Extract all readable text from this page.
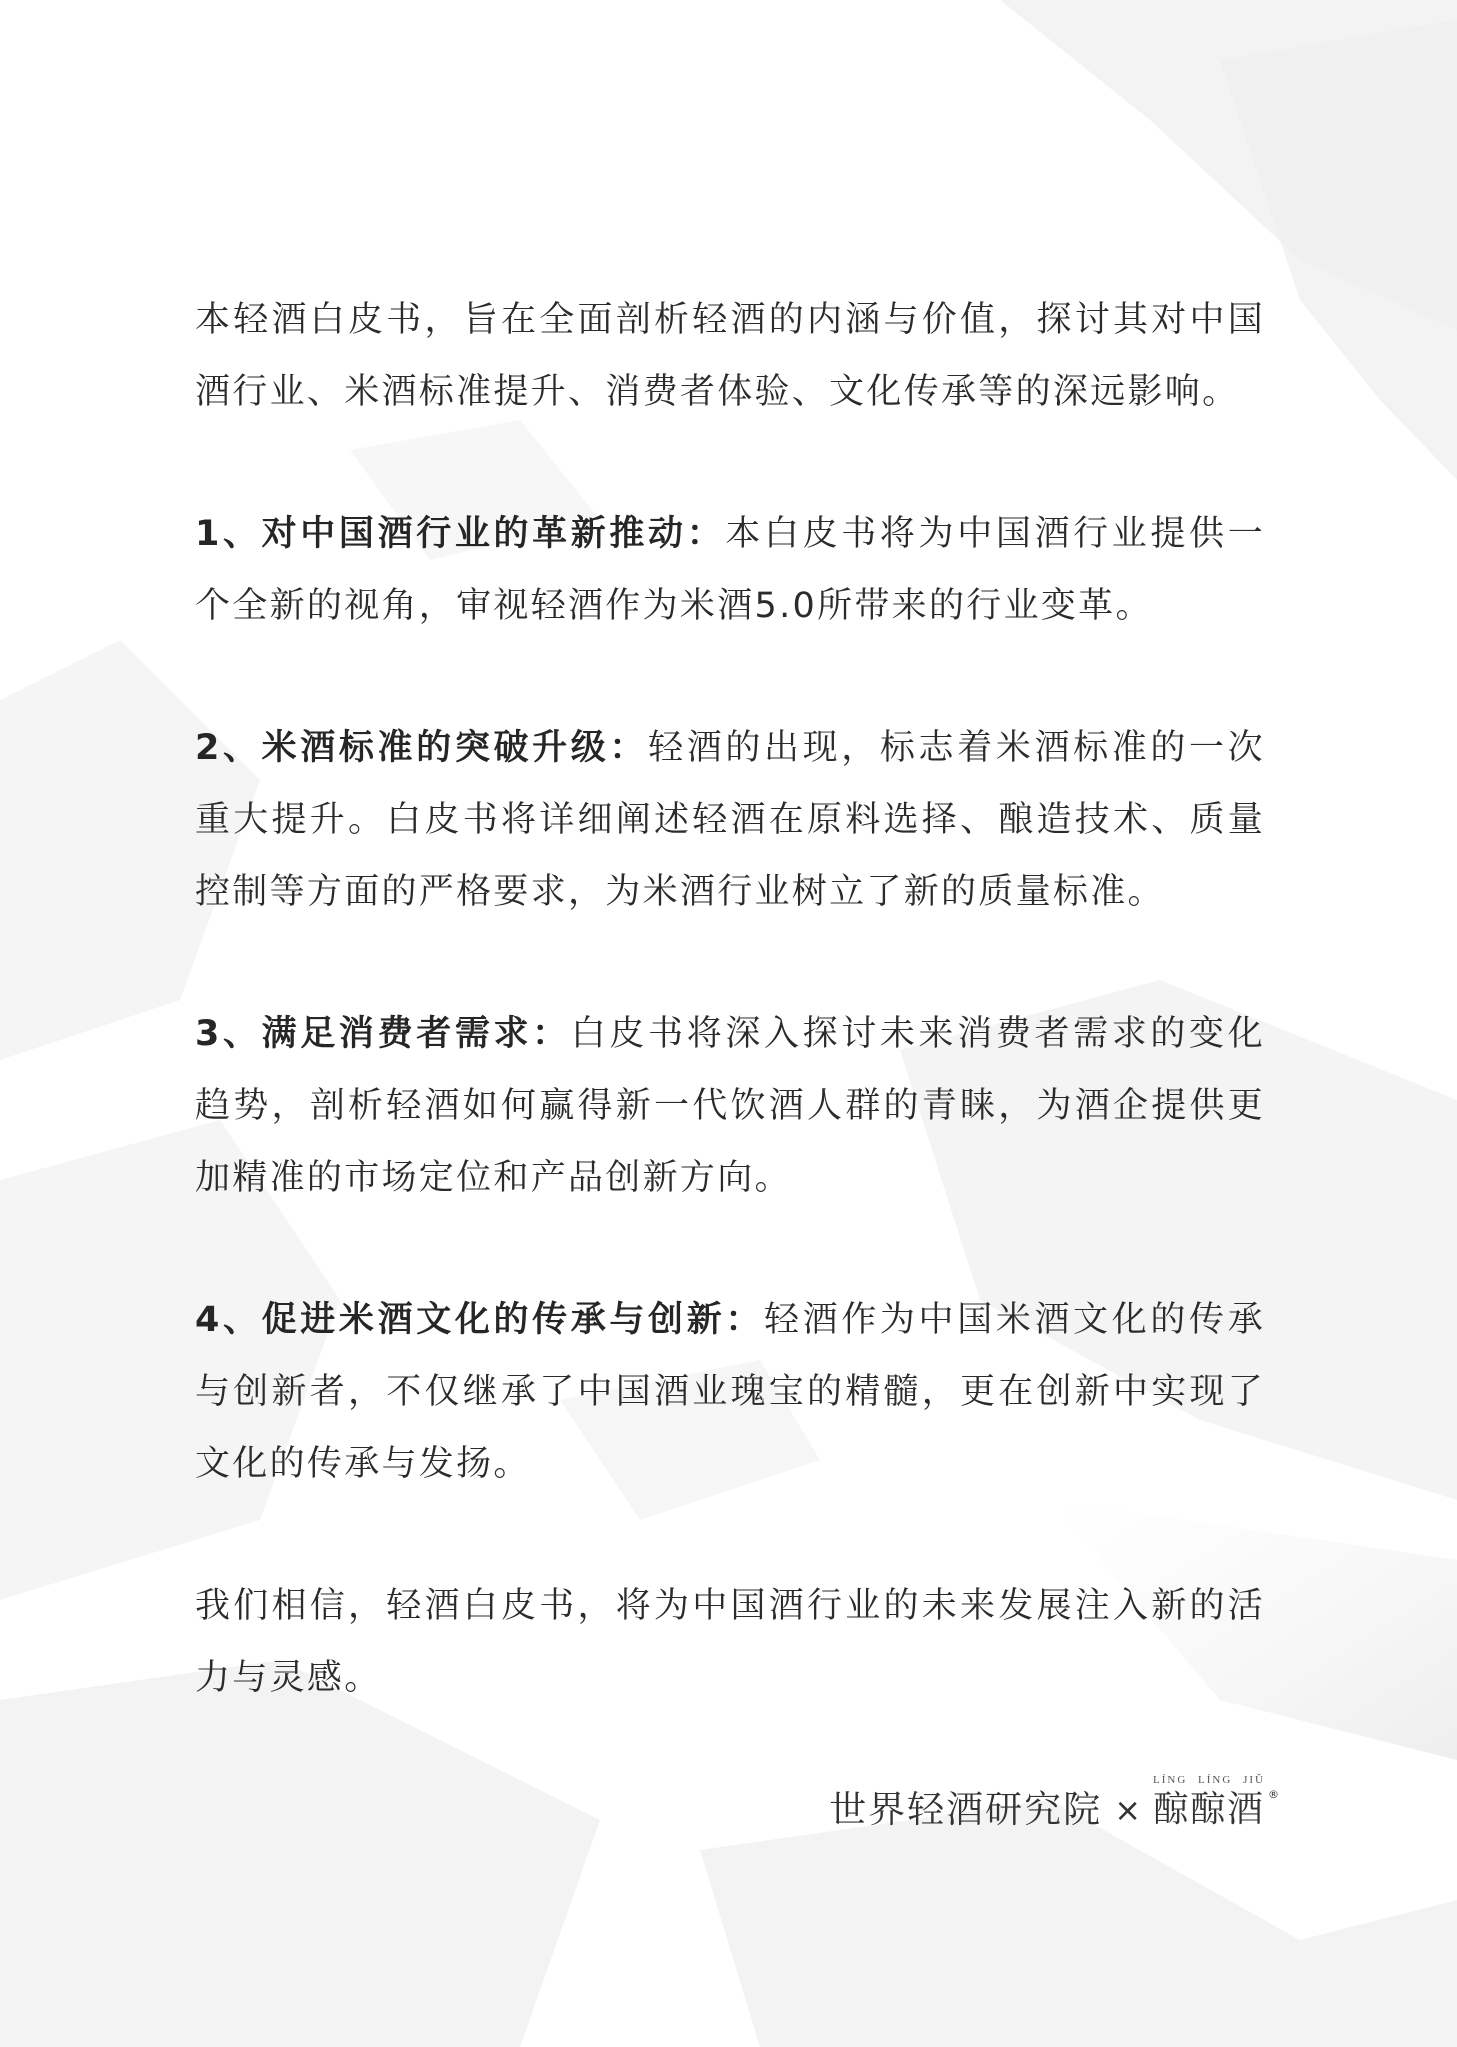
本轻酒白皮书，旨在全面剖析轻酒的内涵与价值，探讨其对中国酒行业、米酒标准提升、消费者体验、文化传承等的深远影响。

1、对中国酒行业的革新推动：本白皮书将为中国酒行业提供一个全新的视角，审视轻酒作为米酒5.0所带来的行业变革。

2、米酒标准的突破升级：轻酒的出现，标志着米酒标准的一次重大提升。白皮书将详细阐述轻酒在原料选择、酿造技术、质量控制等方面的严格要求，为米酒行业树立了新的质量标准。

3、满足消费者需求：白皮书将深入探讨未来消费者需求的变化趋势，剖析轻酒如何赢得新一代饮酒人群的青睐，为酒企提供更加精准的市场定位和产品创新方向。

4、促进米酒文化的传承与创新：轻酒作为中国米酒文化的传承与创新者，不仅继承了中国酒业瑰宝的精髓，更在创新中实现了文化的传承与发扬。

我们相信，轻酒白皮书，将为中国酒行业的未来发展注入新的活力与灵感。

世界轻酒研究院 ×
LÍNG LÍNG JIǓ
䣼䣼酒 ®
